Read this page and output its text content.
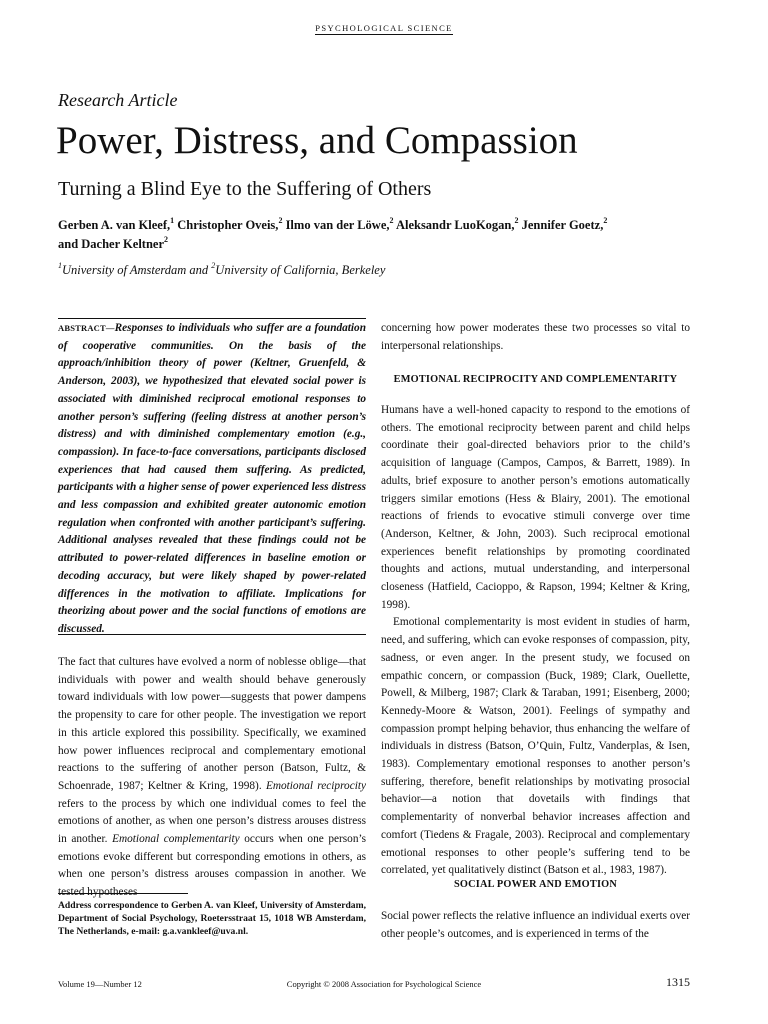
PSYCHOLOGICAL SCIENCE
Research Article
Power, Distress, and Compassion
Turning a Blind Eye to the Suffering of Others
Gerben A. van Kleef,$^1$ Christopher Oveis,$^2$ Ilmo van der Löwe,$^2$ Aleksandr LuoKogan,$^2$ Jennifer Goetz,$^2$
and Dacher Keltner$^2$
$^1$University of Amsterdam and $^2$University of California, Berkeley

ABSTRACT—Responses to individuals who suffer are a foundation of cooperative communities. On the basis of the approach/inhibition theory of power (Keltner, Gruenfeld, & Anderson, 2003), we hypothesized that elevated social power is associated with diminished reciprocal emotional responses to another person’s suffering (feeling distress at another person’s distress) and with diminished complementary emotion (e.g., compassion). In face-to-face conversations, participants disclosed experiences that had caused them suffering. As predicted, participants with a higher sense of power experienced less distress and less compassion and exhibited greater autonomic emotion regulation when confronted with another participant’s suffering. Additional analyses revealed that these findings could not be attributed to power-related differences in baseline emotion or decoding accuracy, but were likely shaped by power-related differences in the motivation to affiliate. Implications for theorizing about power and the social functions of emotions are discussed.

The fact that cultures have evolved a norm of noblesse oblige—that individuals with power and wealth should behave generously toward individuals with low power—suggests that power dampens the propensity to care for other people. The investigation we report in this article explored this possibility. Specifically, we examined how power influences reciprocal and complementary emotional reactions to the suffering of another person (Batson, Fultz, & Schoenrade, 1987; Keltner & Kring, 1998). Emotional reciprocity refers to the process by which one individual comes to feel the emotions of another, as when one person’s distress arouses distress in another. Emotional complementarity occurs when one person’s emotions evoke different but corresponding emotions in others, as when one person’s distress arouses compassion in another. We tested hypotheses

Address correspondence to Gerben A. van Kleef, University of Amsterdam, Department of Social Psychology, Roetersstraat 15, 1018 WB Amsterdam, The Netherlands, e-mail: g.a.vankleef@uva.nl.

concerning how power moderates these two processes so vital to interpersonal relationships.

EMOTIONAL RECIPROCITY AND COMPLEMENTARITY

Humans have a well-honed capacity to respond to the emotions of others. The emotional reciprocity between parent and child helps coordinate their goal-directed behaviors prior to the child’s acquisition of language (Campos, Campos, & Barrett, 1989). In adults, brief exposure to another person’s emotions automatically triggers similar emotions (Hess & Blairy, 2001). The emotional reactions of friends to evocative stimuli converge over time (Anderson, Keltner, & John, 2003). Such reciprocal emotional experiences benefit relationships by promoting coordinated thoughts and actions, mutual understanding, and interpersonal closeness (Hatfield, Cacioppo, & Rapson, 1994; Keltner & Kring, 1998).

Emotional complementarity is most evident in studies of harm, need, and suffering, which can evoke responses of compassion, pity, sadness, or even anger. In the present study, we focused on empathic concern, or compassion (Buck, 1989; Clark, Ouellette, Powell, & Milberg, 1987; Clark & Taraban, 1991; Eisenberg, 2000; Kennedy-Moore & Watson, 2001). Feelings of sympathy and compassion prompt helping behavior, thus enhancing the welfare of individuals in distress (Batson, O’Quin, Fultz, Vanderplas, & Isen, 1983). Complementary emotional responses to another person’s suffering, therefore, benefit relationships by motivating prosocial behavior—a notion that dovetails with findings that complementarity of nonverbal behavior increases affection and comfort (Tiedens & Fragale, 2003). Reciprocal and complementary emotional responses to other people’s suffering tend to be correlated, yet qualitatively distinct (Batson et al., 1983, 1987).

SOCIAL POWER AND EMOTION

Social power reflects the relative influence an individual exerts over other people’s outcomes, and is experienced in terms of the

Volume 19—Number 12	Copyright © 2008 Association for Psychological Science	1315
